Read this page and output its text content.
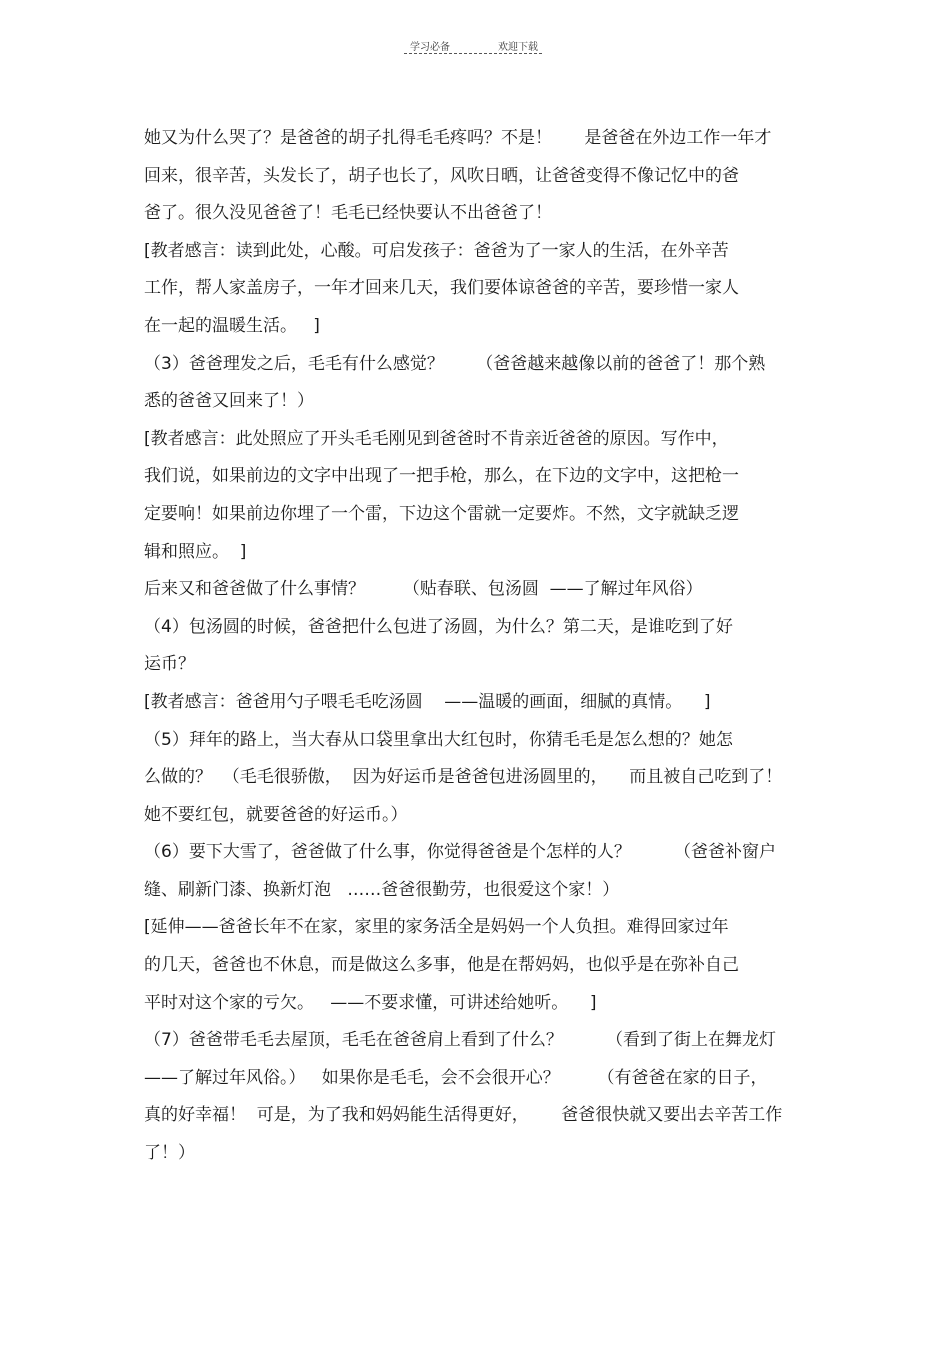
学习必备	欢迎下载
她又为什么哭了？是爸爸的胡子扎得毛毛疼吗？不是！      是爸爸在外边工作一年才
回来，很辛苦，头发长了，胡子也长了，风吹日晒，让爸爸变得不像记忆中的爸
爸了。很久没见爸爸了！毛毛已经快要认不出爸爸了！
[教者感言：读到此处，心酸。可启发孩子：爸爸为了一家人的生活，在外辛苦
工作，帮人家盖房子，一年才回来几天，我们要体谅爸爸的辛苦，要珍惜一家人
在一起的温暖生活。   ]
（3）爸爸理发之后，毛毛有什么感觉？      （爸爸越来越像以前的爸爸了！那个熟
悉的爸爸又回来了！）
[教者感言：此处照应了开头毛毛刚见到爸爸时不肯亲近爸爸的原因。写作中，
我们说，如果前边的文字中出现了一把手枪，那么，在下边的文字中，这把枪一
定要响！如果前边你埋了一个雷，下边这个雷就一定要炸。不然，文字就缺乏逻
辑和照应。  ]
后来又和爸爸做了什么事情？       （贴春联、包汤圆  ——了解过年风俗）
（4）包汤圆的时候，爸爸把什么包进了汤圆，为什么？第二天，是谁吃到了好
运币？
[教者感言：爸爸用勺子喂毛毛吃汤圆    ——温暖的画面，细腻的真情。    ]
（5）拜年的路上，当大春从口袋里拿出大红包时，你猜毛毛是怎么想的？她怎
么做的？  （毛毛很骄傲，  因为好运币是爸爸包进汤圆里的，    而且被自己吃到了！
她不要红包，就要爸爸的好运币。）
（6）要下大雪了，爸爸做了什么事，你觉得爸爸是个怎样的人？        （爸爸补窗户
缝、刷新门漆、换新灯泡   ……爸爸很勤劳，也很爱这个家！）
[延伸——爸爸长年不在家，家里的家务活全是妈妈一个人负担。难得回家过年
的几天，爸爸也不休息，而是做这么多事，他是在帮妈妈，也似乎是在弥补自己
平时对这个家的亏欠。   ——不要求懂，可讲述给她听。    ]
（7）爸爸带毛毛去屋顶，毛毛在爸爸肩上看到了什么？        （看到了街上在舞龙灯
——了解过年风俗。）   如果你是毛毛，会不会很开心？       （有爸爸在家的日子，
真的好幸福！  可是，为了我和妈妈能生活得更好，      爸爸很快就又要出去辛苦工作
了！）
